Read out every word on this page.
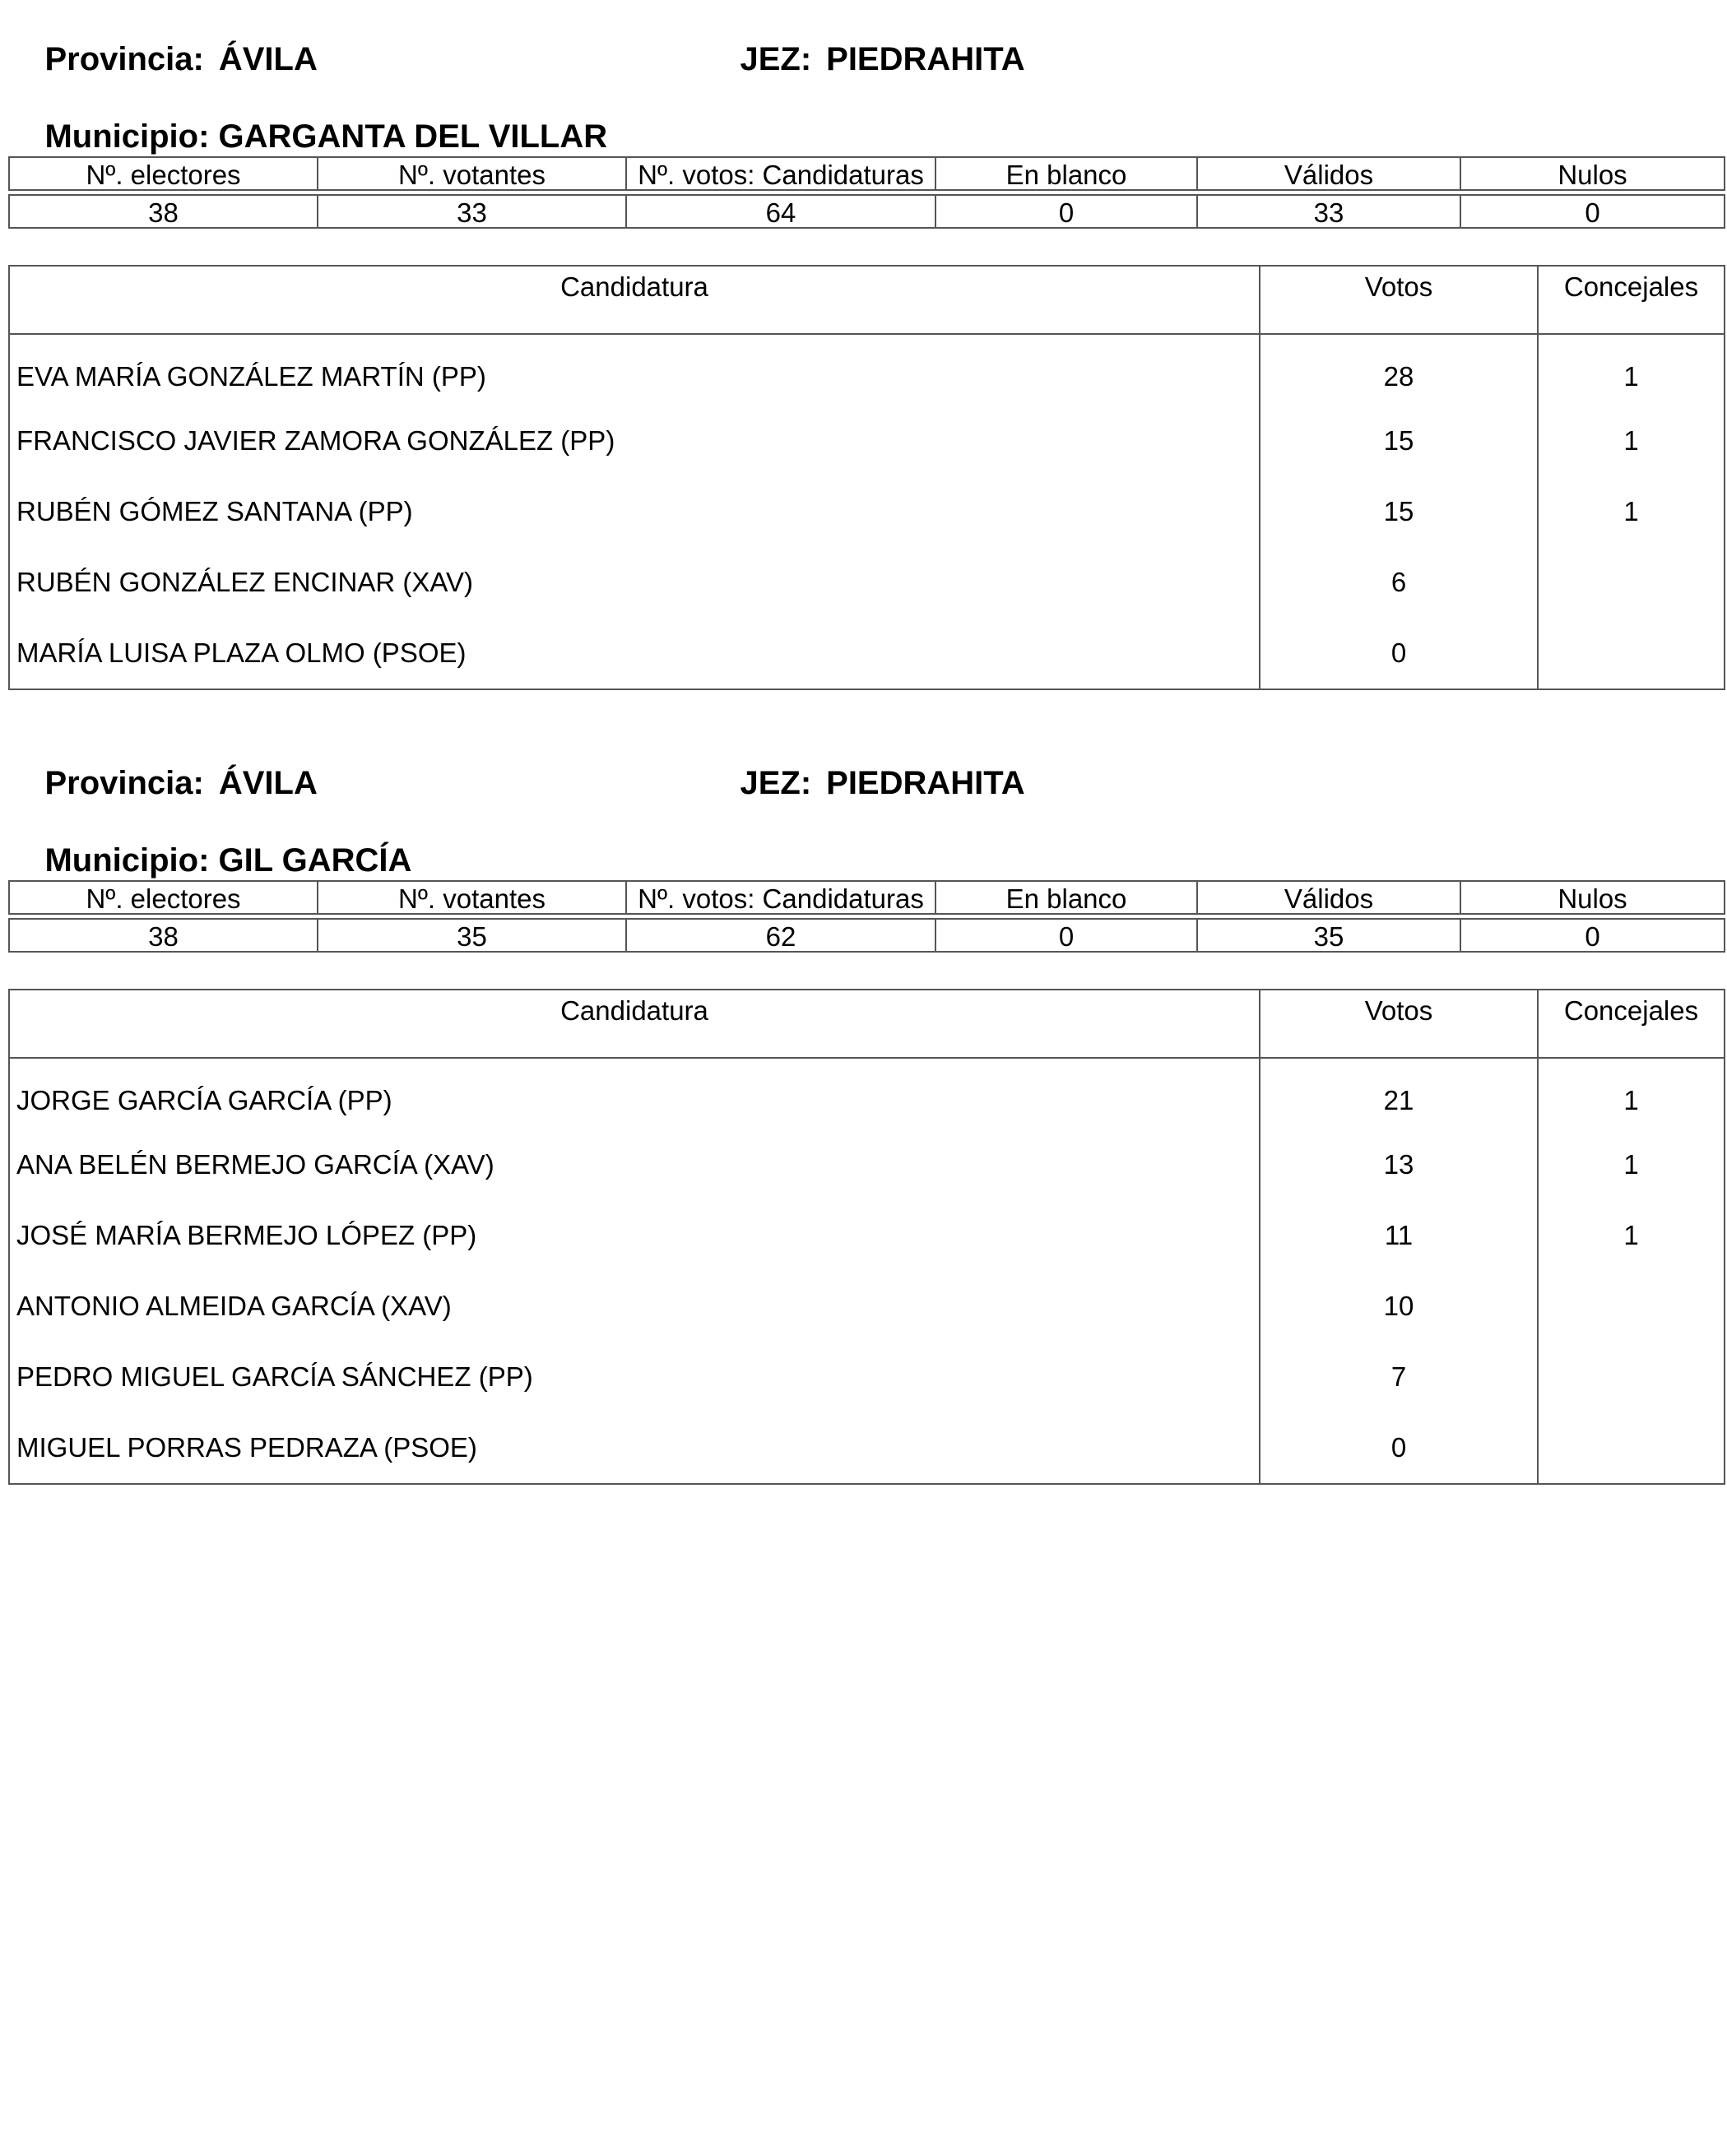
Provincia: ÁVILA
	JEZ: PIEDRAHITA

Municipio: GARGANTA DEL VILLAR

Nº. electores	Nº. votantes	Nº. votos: Candidaturas	En blanco	Válidos	Nulos

38	33	64	0	33	0
Candidatura	Votos	Concejales
EVA MARÍA GONZÁLEZ MARTÍN (PP)	28	1
FRANCISCO JAVIER ZAMORA GONZÁLEZ (PP)	15	1
RUBÉN GÓMEZ SANTANA (PP)	15	1
RUBÉN GONZÁLEZ ENCINAR (XAV)	6	
MARÍA LUISA PLAZA OLMO (PSOE)	0	

Provincia: ÁVILA
	JEZ: PIEDRAHITA

Municipio: GIL GARCÍA

Nº. electores	Nº. votantes	Nº. votos: Candidaturas	En blanco	Válidos	Nulos

38	35	62	0	35	0
Candidatura	Votos	Concejales
JORGE GARCÍA GARCÍA (PP)	21	1
ANA BELÉN BERMEJO GARCÍA (XAV)	13	1
JOSÉ MARÍA BERMEJO LÓPEZ (PP)	11	1
ANTONIO ALMEIDA GARCÍA (XAV)	10	
PEDRO MIGUEL GARCÍA SÁNCHEZ (PP)	7	
MIGUEL PORRAS PEDRAZA (PSOE)	0	
